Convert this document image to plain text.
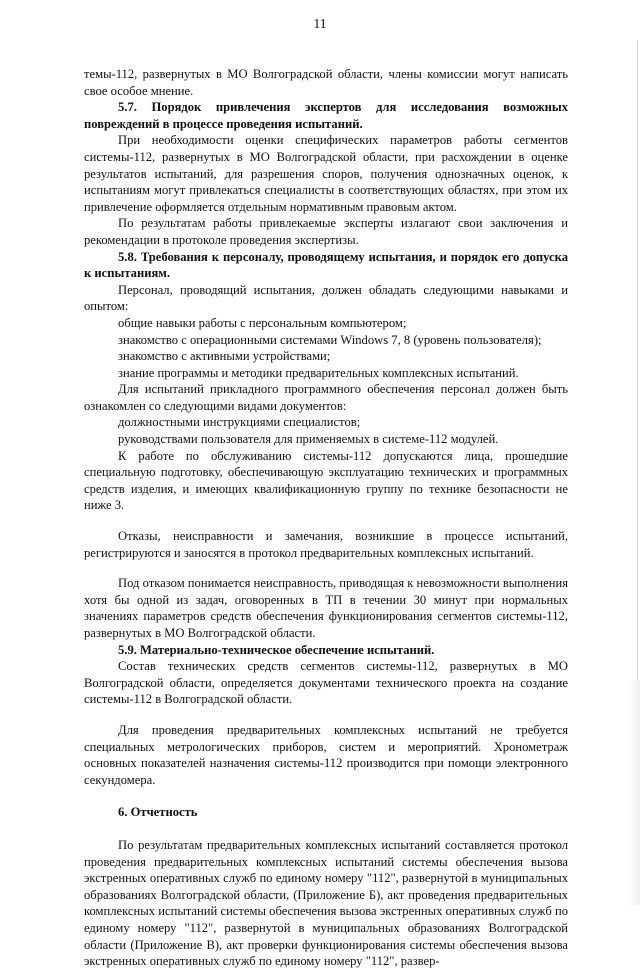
11

темы-112, развернутых в МО Волгоградской области, члены комиссии могут написать свое особое мнение.

5.7. Порядок привлечения экспертов для исследования возможных повреждений в процессе проведения испытаний.

При необходимости оценки специфических параметров работы сегментов системы-112, развернутых в МО Волгоградской области, при расхождении в оценке результатов испытаний, для разрешения споров, получения однозначных оценок, к испытаниям могут привлекаться специалисты в соответствующих областях, при этом их привлечение оформляется отдельным нормативным правовым актом.

По результатам работы привлекаемые эксперты излагают свои заключения и рекомендации в протоколе проведения экспертизы.

5.8. Требования к персоналу, проводящему испытания, и порядок его допуска к испытаниям.

Персонал, проводящий испытания, должен обладать следующими навыками и опытом:

общие навыки работы с персональным компьютером;

знакомство с операционными системами Windows 7, 8 (уровень пользователя);

знакомство с активными устройствами;

знание программы и методики предварительных комплексных испытаний.

Для испытаний прикладного программного обеспечения персонал должен быть ознакомлен со следующими видами документов:

должностными инструкциями специалистов;

руководствами пользователя для применяемых в системе-112 модулей.

К работе по обслуживанию системы-112 допускаются лица, прошедшие специальную подготовку, обеспечивающую эксплуатацию технических и программных средств изделия, и имеющих квалификационную группу по технике безопасности не ниже 3.

Отказы, неисправности и замечания, возникшие в процессе испытаний, регистрируются и заносятся в протокол предварительных комплексных испытаний.

Под отказом понимается неисправность, приводящая к невозможности выполнения хотя бы одной из задач, оговоренных в ТП в течении 30 минут при нормальных значениях параметров средств обеспечения функционирования сегментов системы-112, развернутых в МО Волгоградской области.

5.9. Материально-техническое обеспечение испытаний.

Состав технических средств сегментов системы-112, развернутых в МО Волгоградской области, определяется документами технического проекта на создание системы-112 в Волгоградской области.

Для проведения предварительных комплексных испытаний не требуется специальных метрологических приборов, систем и мероприятий. Хронометраж основных показателей назначения системы-112 производится при помощи электронного секундомера.

6. Отчетность

По результатам предварительных комплексных испытаний составляется протокол проведения предварительных комплексных испытаний системы обеспечения вызова экстренных оперативных служб по единому номеру "112", развернутой в муниципальных образованиях Волгоградской области, (Приложение Б), акт проведения предварительных комплексных испытаний системы обеспечения вызова экстренных оперативных служб по единому номеру "112", развернутой в муниципальных образованиях Волгоградской области (Приложение В), акт проверки функционирования системы обеспечения вызова экстренных оперативных служб по единому номеру "112", развер-
